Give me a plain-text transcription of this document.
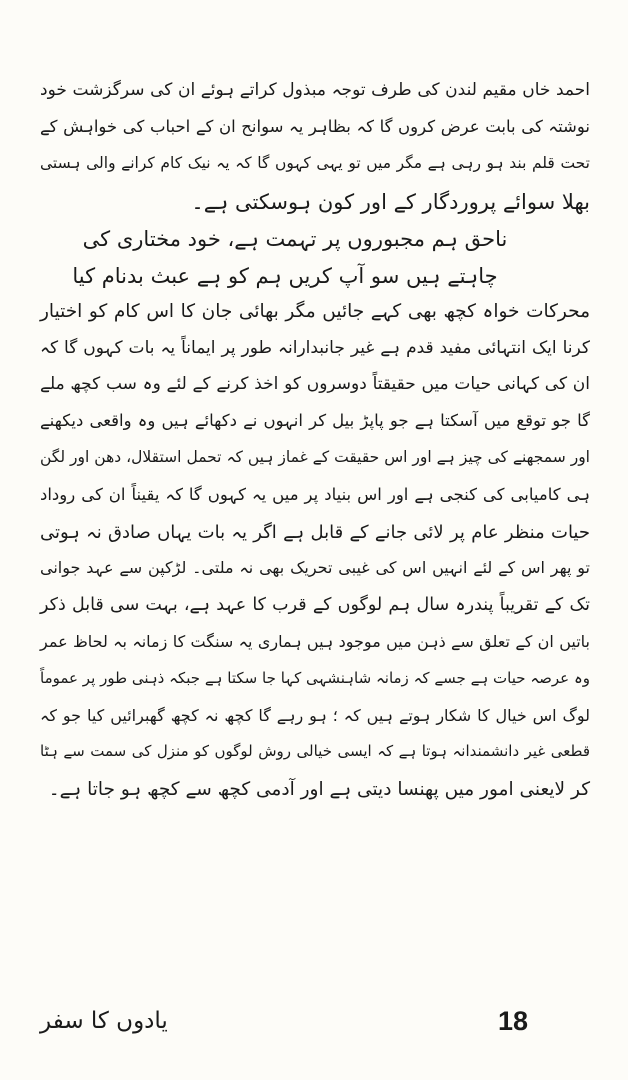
احمد خاں مقیم لندن کی طرف توجہ مبذول کراتے ہوئے ان کی سرگزشت خود
نوشتہ کی بابت عرض کروں گا کہ بظاہر یہ سوانح ان کے احباب کی خواہش کے
تحت قلم بند ہو رہی ہے مگر میں تو یہی کہوں گا کہ یہ نیک کام کرانے والی ہستی
بھلا سوائے پروردگار کے اور کون ہوسکتی ہے۔
ناحق ہم مجبوروں پر تہمت ہے، خود مختاری کی
چاہتے ہیں سو آپ کریں ہم کو ہے عبث بدنام کیا
محرکات خواہ کچھ بھی کہے جائیں مگر بھائی جان کا اس کام کو اختیار
کرنا ایک انتہائی مفید قدم ہے غیر جانبدارانہ طور پر ایماناً یہ بات کہوں گا کہ
ان کی کہانی حیات میں حقیقتاً دوسروں کو اخذ کرنے کے لئے وہ سب کچھ ملے
گا جو توقع میں آسکتا ہے جو پاپڑ بیل کر انہوں نے دکھائے ہیں وہ واقعی دیکھنے
اور سمجھنے کی چیز ہے اور اس حقیقت کے غماز ہیں کہ تحمل استقلال، دھن اور لگن
ہی کامیابی کی کنجی ہے اور اس بنیاد پر میں یہ کہوں گا کہ یقیناً ان کی روداد
حیات منظر عام پر لائی جانے کے قابل ہے اگر یہ بات یہاں صادق نہ ہوتی
تو پھر اس کے لئے انہیں اس کی غیبی تحریک بھی نہ ملتی۔ لڑکپن سے عہد جوانی
تک کے تقریباً پندرہ سال ہم لوگوں کے قرب کا عہد ہے، بہت سی قابل ذکر
باتیں ان کے تعلق سے ذہن میں موجود ہیں ہماری یہ سنگت کا زمانہ بہ لحاظ عمر
وہ عرصہ حیات ہے جسے کہ زمانہ شاہنشہی کہا جا سکتا ہے جبکہ ذہنی طور پر عموماً
لوگ اس خیال کا شکار ہوتے ہیں کہ ؛ ہو رہے گا کچھ نہ کچھ گھبرائیں کیا جو کہ
قطعی غیر دانشمندانہ ہوتا ہے کہ ایسی خیالی روش لوگوں کو منزل کی سمت سے ہٹا
کر لایعنی امور میں پھنسا دیتی ہے اور آدمی کچھ سے کچھ ہو جاتا ہے۔
18
یادوں کا سفر
